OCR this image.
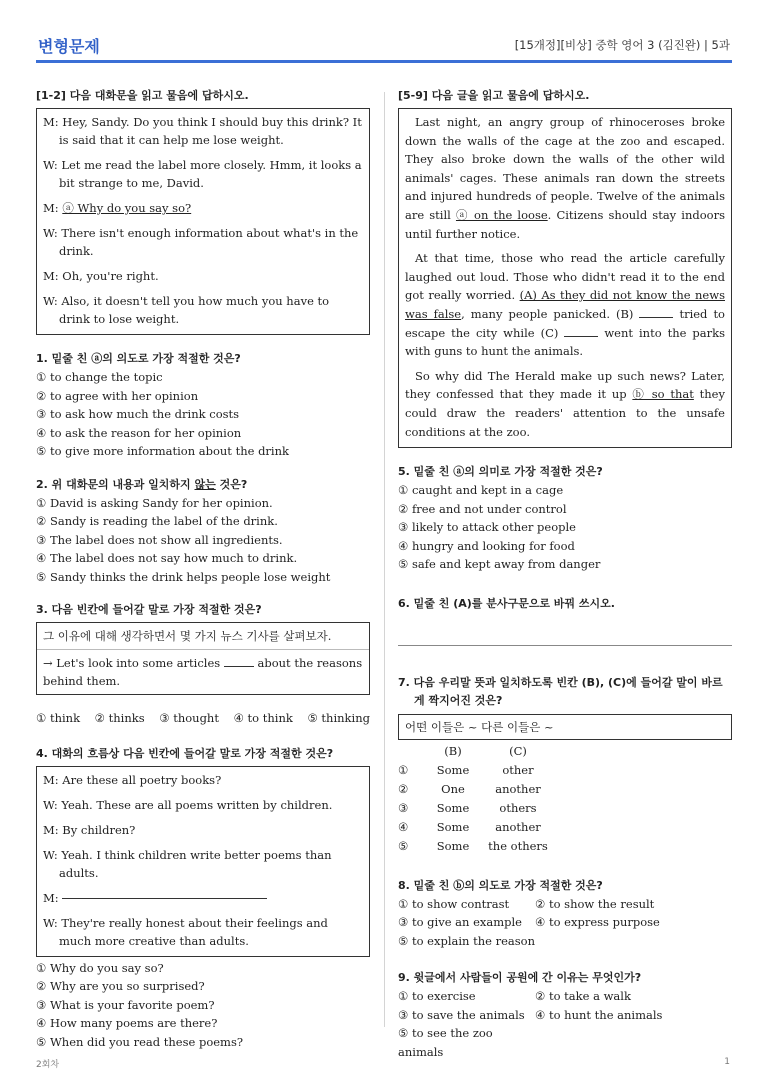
변형문제	[15개정][비상] 중학 영어 3 (김진완) | 5과
[1-2] 다음 대화문을 읽고 물음에 답하시오.
M: Hey, Sandy. Do you think I should buy this drink? It is said that it can help me lose weight.
W: Let me read the label more closely. Hmm, it looks a bit strange to me, David.
M: ⓐ Why do you say so?
W: There isn't enough information about what's in the drink.
M: Oh, you're right.
W: Also, it doesn't tell you how much you have to drink to lose weight.
1. 밑줄 친 ⓐ의 의도로 가장 적절한 것은?
① to change the topic
② to agree with her opinion
③ to ask how much the drink costs
④ to ask the reason for her opinion
⑤ to give more information about the drink
2. 위 대화문의 내용과 일치하지 않는 것은?
① David is asking Sandy for her opinion.
② Sandy is reading the label of the drink.
③ The label does not show all ingredients.
④ The label does not say how much to drink.
⑤ Sandy thinks the drink helps people lose weight
3. 다음 빈칸에 들어갈 말로 가장 적절한 것은?
그 이유에 대해 생각하면서 몇 가지 뉴스 기사를 살펴보자.
→ Let's look into some articles	about the reasons behind them.
① think ② thinks ③ thought ④ to think ⑤ thinking
4. 대화의 흐름상 다음 빈칸에 들어갈 말로 가장 적절한 것은?
M: Are these all poetry books?
W: Yeah. These are all poems written by children.
M: By children?
W: Yeah. I think children write better poems than adults.
M:
W: They're really honest about their feelings and much more creative than adults.
① Why do you say so?
② Why are you so surprised?
③ What is your favorite poem?
④ How many poems are there?
⑤ When did you read these poems?
[5-9] 다음 글을 읽고 물음에 답하시오.
Last night, an angry group of rhinoceroses broke down the walls of the cage at the zoo and escaped. They also broke down the walls of the other wild animals' cages. These animals ran down the streets and injured hundreds of people. Twelve of the animals are still ⓐ on the loose. Citizens should stay indoors until further notice.
At that time, those who read the article carefully laughed out loud. Those who didn't read it to the end got really worried. (A) As they did not know the news was false, many people panicked. (B)	tried to escape the city while (C)	went into the parks with guns to hunt the animals.
So why did The Herald make up such news? Later, they confessed that they made it up ⓑ so that they could draw the readers' attention to the unsafe conditions at the zoo.
5. 밑줄 친 ⓐ의 의미로 가장 적절한 것은?
① caught and kept in a cage
② free and not under control
③ likely to attack other people
④ hungry and looking for food
⑤ safe and kept away from danger
6. 밑줄 친 (A)를 분사구문으로 바꿔 쓰시오.
7. 다음 우리말 뜻과 일치하도록 빈칸 (B), (C)에 들어갈 말이 바르게 짝지어진 것은?
어떤 이들은 ~ 다른 이들은 ~
	(B)	(C)
①	Some	other
②	One	another
③	Some	others
④	Some	another
⑤	Some	the others
8. 밑줄 친 ⓑ의 의도로 가장 적절한 것은?
① to show contrast	② to show the result
③ to give an example	④ to express purpose
⑤ to explain the reason
9. 윗글에서 사람들이 공원에 간 이유는 무엇인가?
① to exercise	② to take a walk
③ to save the animals ④ to hunt the animals
⑤ to see the zoo animals
2회차	1
